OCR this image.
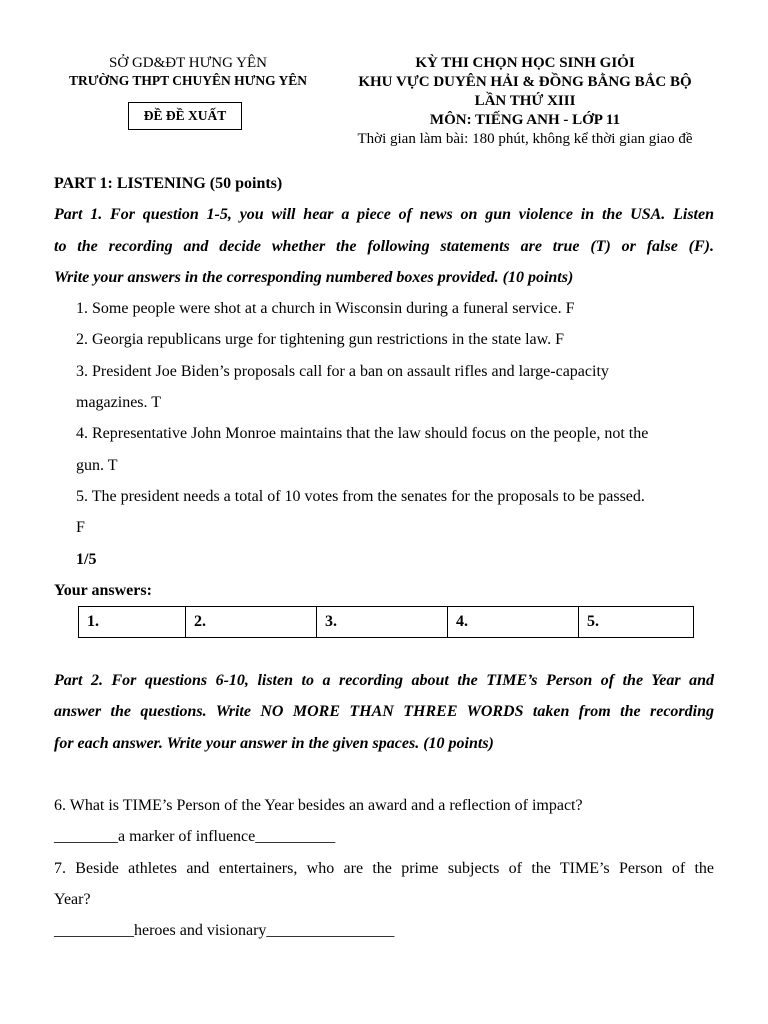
SỞ GD&ĐT HƯNG YÊN
TRƯỜNG THPT CHUYÊN HƯNG YÊN
ĐỀ ĐỀ XUẤT
KỲ THI CHỌN HỌC SINH GIỎI
KHU VỰC DUYÊN HẢI & ĐỒNG BẰNG BẮC BỘ
LẦN THỨ XIII
MÔN: TIẾNG ANH - LỚP 11
Thời gian làm bài: 180 phút, không kể thời gian giao đề
PART 1: LISTENING (50 points)
Part 1. For question 1-5, you will hear a piece of news on gun violence in the USA. Listen
to the recording and decide whether the following statements are true (T) or false (F).
Write your answers in the corresponding numbered boxes provided. (10 points)
1. Some people were shot at a church in Wisconsin during a funeral service. F
2. Georgia republicans urge for tightening gun restrictions in the state law. F
3. President Joe Biden’s proposals call for a ban on assault rifles and large-capacity
magazines. T
4. Representative John Monroe maintains that the law should focus on the people, not the
gun. T
5. The president needs a total of 10 votes from the senates for the proposals to be passed.
F
1/5
Your answers:
1.	2.	3.	4.	5.
Part 2. For questions 6-10, listen to a recording about the TIME’s Person of the Year and
answer the questions. Write NO MORE THAN THREE WORDS taken from the recording
for each answer. Write your answer in the given spaces. (10 points)
6. What is TIME’s Person of the Year besides an award and a reflection of impact?
________a marker of influence__________
7. Beside athletes and entertainers, who are the prime subjects of the TIME’s Person of the
Year?
__________heroes and visionary________________
